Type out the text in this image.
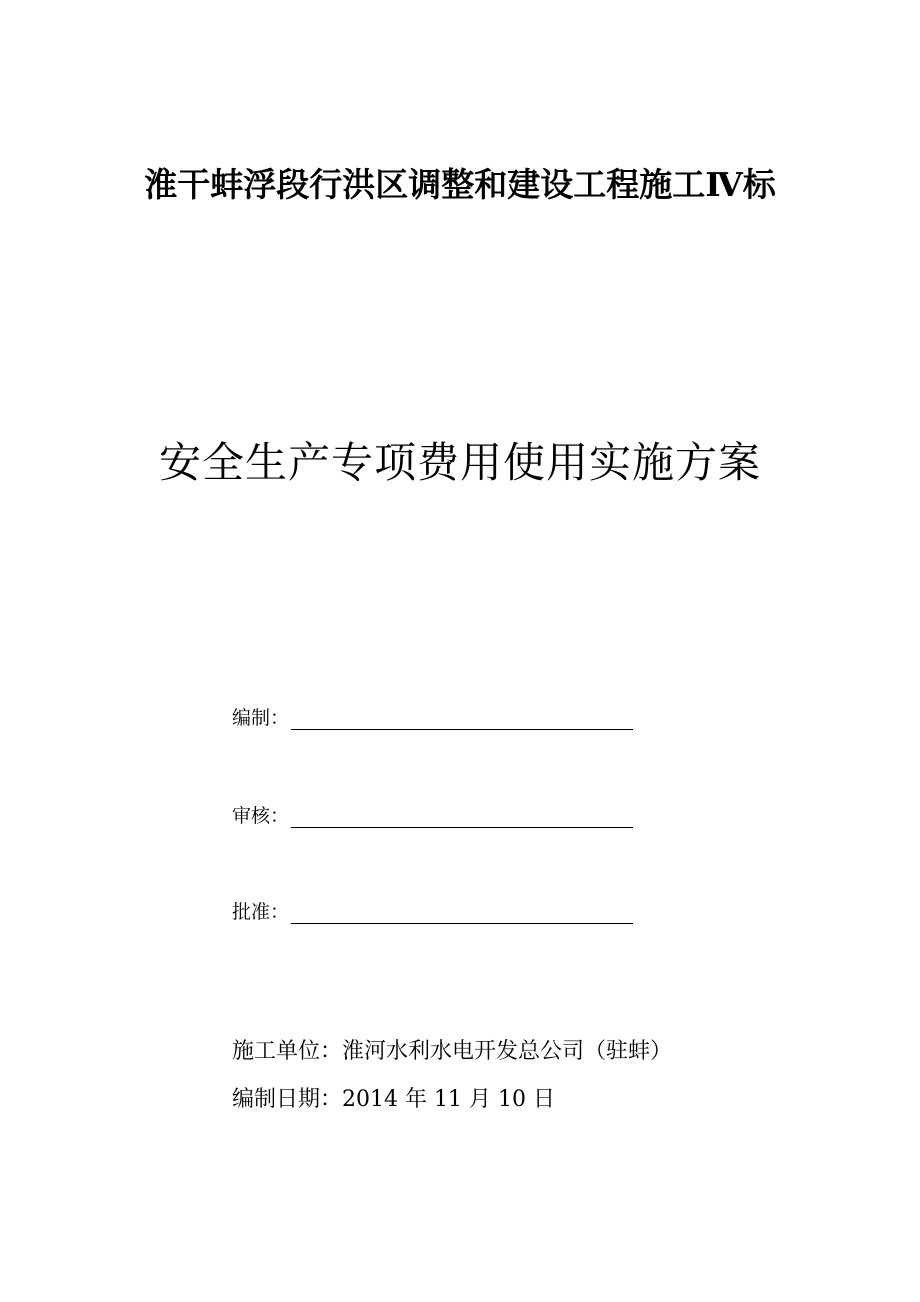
淮干蚌浮段行洪区调整和建设工程施工Ⅳ标
安全生产专项费用使用实施方案
编制：
审核：
批准：
施工单位：淮河水利水电开发总公司（驻蚌）
编制日期：2014 年 11 月 10 日
